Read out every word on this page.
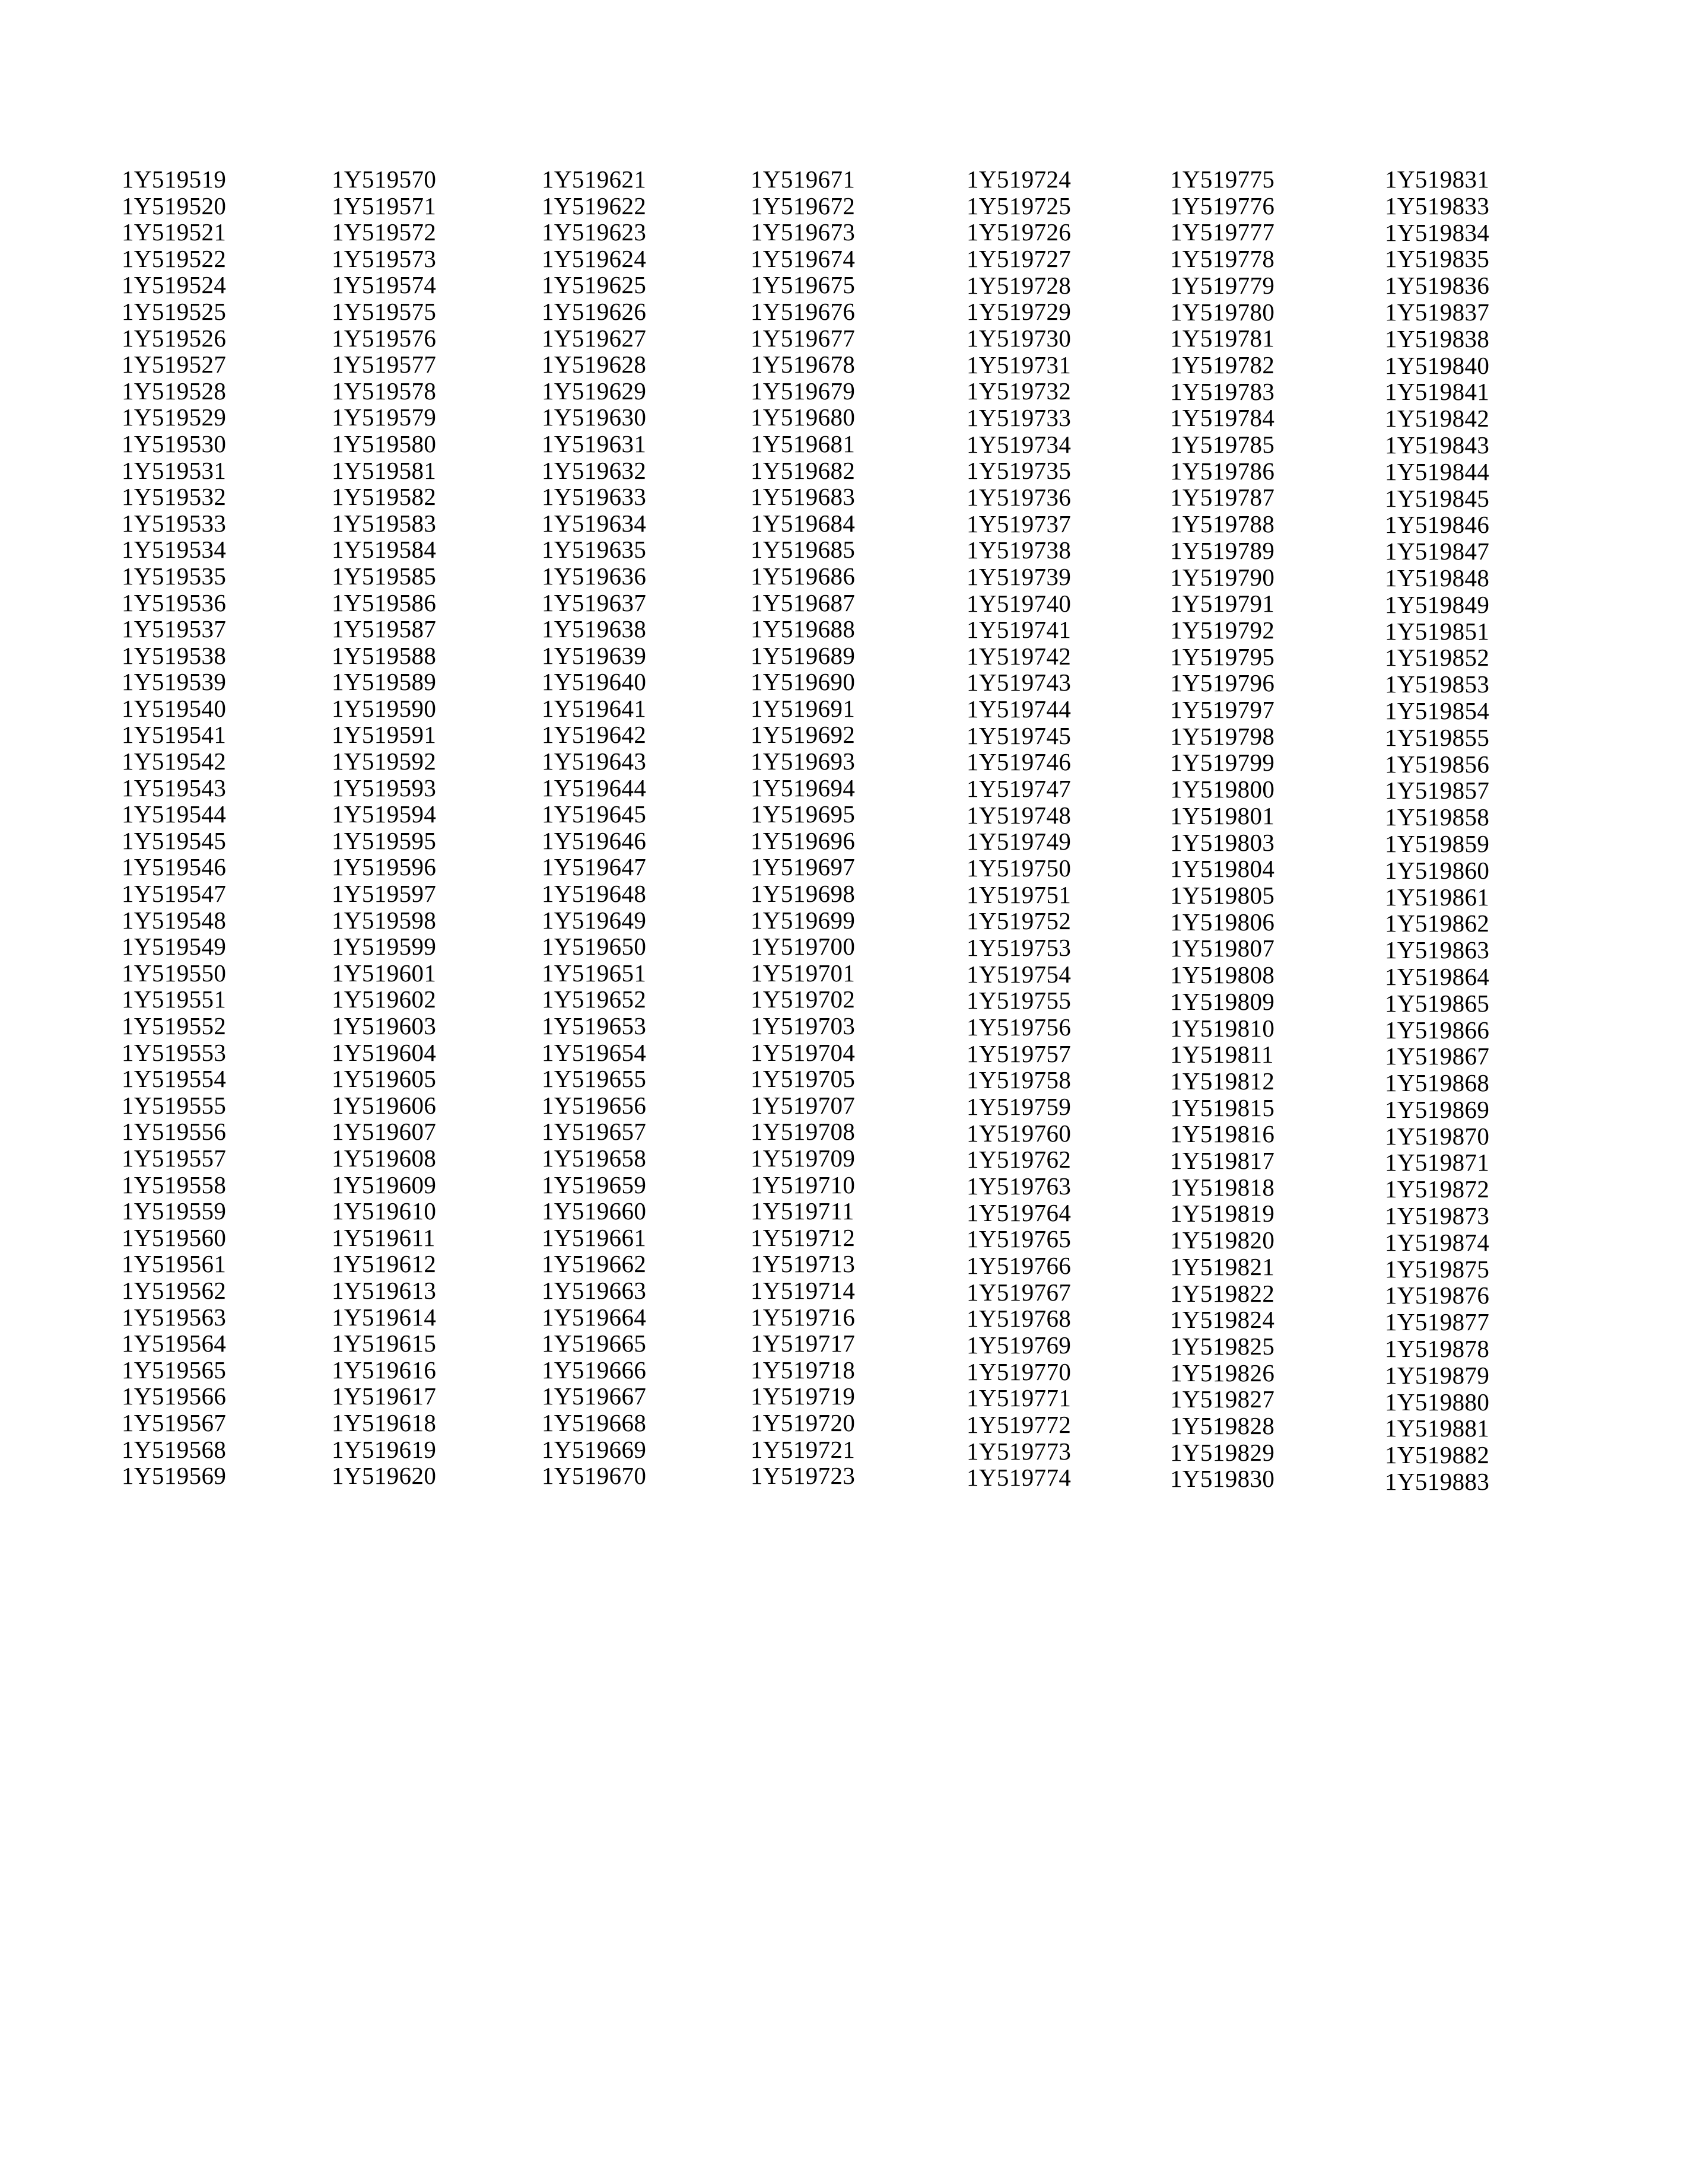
1Y519519
1Y519520
1Y519521
1Y519522
1Y519524
1Y519525
1Y519526
1Y519527
1Y519528
1Y519529
1Y519530
1Y519531
1Y519532
1Y519533
1Y519534
1Y519535
1Y519536
1Y519537
1Y519538
1Y519539
1Y519540
1Y519541
1Y519542
1Y519543
1Y519544
1Y519545
1Y519546
1Y519547
1Y519548
1Y519549
1Y519550
1Y519551
1Y519552
1Y519553
1Y519554
1Y519555
1Y519556
1Y519557
1Y519558
1Y519559
1Y519560
1Y519561
1Y519562
1Y519563
1Y519564
1Y519565
1Y519566
1Y519567
1Y519568
1Y519569
1Y519570
1Y519571
1Y519572
1Y519573
1Y519574
1Y519575
1Y519576
1Y519577
1Y519578
1Y519579
1Y519580
1Y519581
1Y519582
1Y519583
1Y519584
1Y519585
1Y519586
1Y519587
1Y519588
1Y519589
1Y519590
1Y519591
1Y519592
1Y519593
1Y519594
1Y519595
1Y519596
1Y519597
1Y519598
1Y519599
1Y519601
1Y519602
1Y519603
1Y519604
1Y519605
1Y519606
1Y519607
1Y519608
1Y519609
1Y519610
1Y519611
1Y519612
1Y519613
1Y519614
1Y519615
1Y519616
1Y519617
1Y519618
1Y519619
1Y519620
1Y519621
1Y519622
1Y519623
1Y519624
1Y519625
1Y519626
1Y519627
1Y519628
1Y519629
1Y519630
1Y519631
1Y519632
1Y519633
1Y519634
1Y519635
1Y519636
1Y519637
1Y519638
1Y519639
1Y519640
1Y519641
1Y519642
1Y519643
1Y519644
1Y519645
1Y519646
1Y519647
1Y519648
1Y519649
1Y519650
1Y519651
1Y519652
1Y519653
1Y519654
1Y519655
1Y519656
1Y519657
1Y519658
1Y519659
1Y519660
1Y519661
1Y519662
1Y519663
1Y519664
1Y519665
1Y519666
1Y519667
1Y519668
1Y519669
1Y519670
1Y519671
1Y519672
1Y519673
1Y519674
1Y519675
1Y519676
1Y519677
1Y519678
1Y519679
1Y519680
1Y519681
1Y519682
1Y519683
1Y519684
1Y519685
1Y519686
1Y519687
1Y519688
1Y519689
1Y519690
1Y519691
1Y519692
1Y519693
1Y519694
1Y519695
1Y519696
1Y519697
1Y519698
1Y519699
1Y519700
1Y519701
1Y519702
1Y519703
1Y519704
1Y519705
1Y519707
1Y519708
1Y519709
1Y519710
1Y519711
1Y519712
1Y519713
1Y519714
1Y519716
1Y519717
1Y519718
1Y519719
1Y519720
1Y519721
1Y519723
1Y519724
1Y519725
1Y519726
1Y519727
1Y519728
1Y519729
1Y519730
1Y519731
1Y519732
1Y519733
1Y519734
1Y519735
1Y519736
1Y519737
1Y519738
1Y519739
1Y519740
1Y519741
1Y519742
1Y519743
1Y519744
1Y519745
1Y519746
1Y519747
1Y519748
1Y519749
1Y519750
1Y519751
1Y519752
1Y519753
1Y519754
1Y519755
1Y519756
1Y519757
1Y519758
1Y519759
1Y519760
1Y519762
1Y519763
1Y519764
1Y519765
1Y519766
1Y519767
1Y519768
1Y519769
1Y519770
1Y519771
1Y519772
1Y519773
1Y519774
1Y519775
1Y519776
1Y519777
1Y519778
1Y519779
1Y519780
1Y519781
1Y519782
1Y519783
1Y519784
1Y519785
1Y519786
1Y519787
1Y519788
1Y519789
1Y519790
1Y519791
1Y519792
1Y519795
1Y519796
1Y519797
1Y519798
1Y519799
1Y519800
1Y519801
1Y519803
1Y519804
1Y519805
1Y519806
1Y519807
1Y519808
1Y519809
1Y519810
1Y519811
1Y519812
1Y519815
1Y519816
1Y519817
1Y519818
1Y519819
1Y519820
1Y519821
1Y519822
1Y519824
1Y519825
1Y519826
1Y519827
1Y519828
1Y519829
1Y519830
1Y519831
1Y519833
1Y519834
1Y519835
1Y519836
1Y519837
1Y519838
1Y519840
1Y519841
1Y519842
1Y519843
1Y519844
1Y519845
1Y519846
1Y519847
1Y519848
1Y519849
1Y519851
1Y519852
1Y519853
1Y519854
1Y519855
1Y519856
1Y519857
1Y519858
1Y519859
1Y519860
1Y519861
1Y519862
1Y519863
1Y519864
1Y519865
1Y519866
1Y519867
1Y519868
1Y519869
1Y519870
1Y519871
1Y519872
1Y519873
1Y519874
1Y519875
1Y519876
1Y519877
1Y519878
1Y519879
1Y519880
1Y519881
1Y519882
1Y519883
